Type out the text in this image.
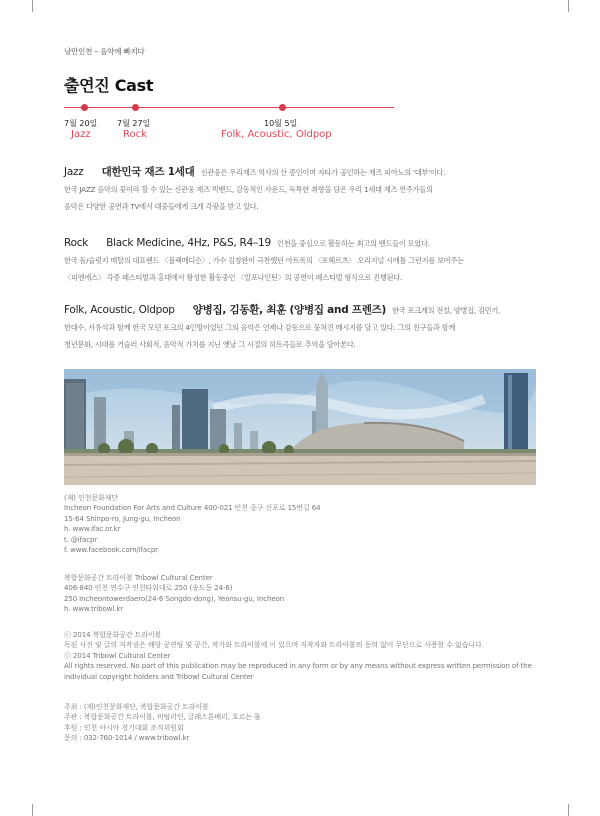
낭만인천 – 음악에 빠지다
출연진 Cast
7월 20일
Jazz
7월 27일
Rock
10월 5일
Folk, Acoustic, Oldpop
Jazz 대한민국 재즈 1세대 신관웅은 우리재즈 역사의 산 증인이며 자타가 공인하는 재즈 피아노의 '대부'이다.
한국 JAZZ 음악의 꽃이라 할 수 있는 신관웅 재즈 빅밴드, 감동적인 사운드, 독특한 취향을 담은 우리 1세대 재즈 연주가들의
음악은 다양한 공연과 TV에서 대중들에게 크게 각광을 받고 있다.
Rock Black Medicine, 4Hz, P&S, R4–19 인천을 중심으로 활동하는 최고의 밴드들이 모였다.
한국 돔/슬럿지 메탈의 대표밴드 〈블랙메디슨〉, 가수 김창완이 극찬했던 아트록의 〈포헤르츠〉 오리지널 시애틀 그런지를 보여주는
〈피엔에스〉 각종 페스티벌과 홍대에서 왕성한 활동중인 〈알포나인틴〉의 공연이 페스티벌 형식으로 진행된다.
Folk, Acoustic, Oldpop 양병집, 김동환, 최훈 (양병집 and 프렌즈) 한국 포크계의 전설, 양병집, 김민기,
한대수, 서유석과 함께 한국 모던 포크의 4인방이었던 그의 음악은 언제나 감동으로 뭉쳐진 메시지를 담고 있다. 그의 친구들과 함께
청년문화, 시대를 거슬러 사회적, 음악적 가치를 지닌 옛날 그 시절의 히트곡들로 추억을 담아본다.
(재) 인천문화재단
Incheon Foundation For Arts and Culture 400-021 인천 중구 신포로 15번길 64
15-64 Shinpo-ro, Jung-gu, Incheon
h. www.ifac.or.kr
t. @ifacpr
f. www.facebook.com/ifacpr
복합문화공간 트라이볼 Tribowl Cultural Center
406-840 인천 연수구 인천타워대로 250 (송도동 24-6)
250 Incheontowerdaero(24-6 Songdo-dong), Yeonsu-gu, Incheon
h. www.tribowl.kr
ⓒ 2014 복합문화공간 트라이볼
독된 사진 및 글의 저작권은 해당 공연팀 및 공간, 작가와 트라이볼에 이 있으며 저작자와 트라이볼의 동의 없이 무단으로 사용할 수 없습니다.
ⓒ 2014 Tribowl Cultural Center
All rights reserved. No part of this publication may be reproduced in any form or by any means without express written permission of the individual copyright holders and Tribowl Cultural Center
주최 : (재)인천문화재단, 복합문화공간 트라이볼
주관 : 복합문화공간 트라이볼, 비팀러인, 글래스톤베리, 호르는 물
후원 : 인천 아시아 경기대회 조직위원회
문의 : 032-760-1014 / www.tribowl.kr
